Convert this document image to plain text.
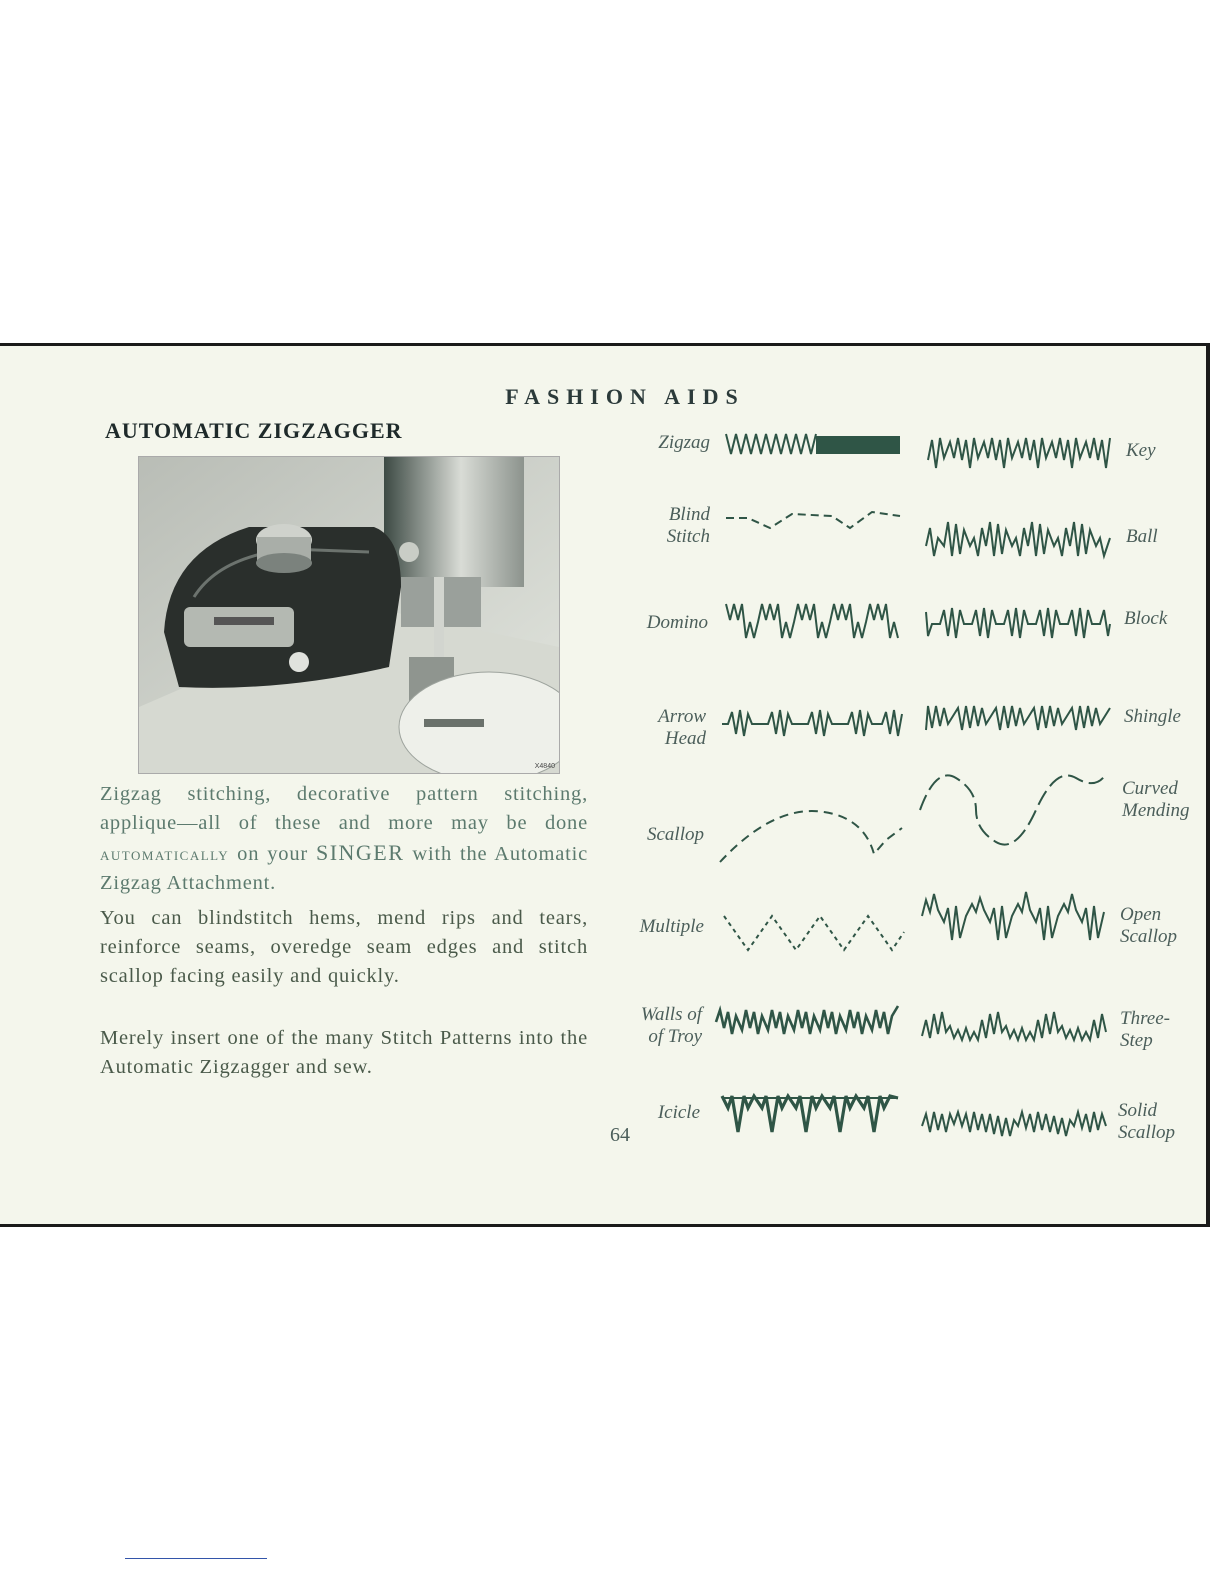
FASHION AIDS
AUTOMATIC ZIGZAGGER
X4840
Zigzag stitching, decorative pattern stitching, applique—all of these and more may be done automatically on your SINGER with the Automatic Zigzag Attachment.
You can blindstitch hems, mend rips and tears, reinforce seams, overedge seam edges and stitch scallop facing easily and quickly.
Merely insert one of the many Stitch Patterns into the Automatic Zigzagger and sew.
Zigzag
Blind
Stitch
Domino
Arrow
Head
Scallop
Multiple
Walls of
of Troy
Icicle
Key
Ball
Block
Shingle
Curved
Mending
Open
Scallop
Three-
Step
Solid
Scallop
64
